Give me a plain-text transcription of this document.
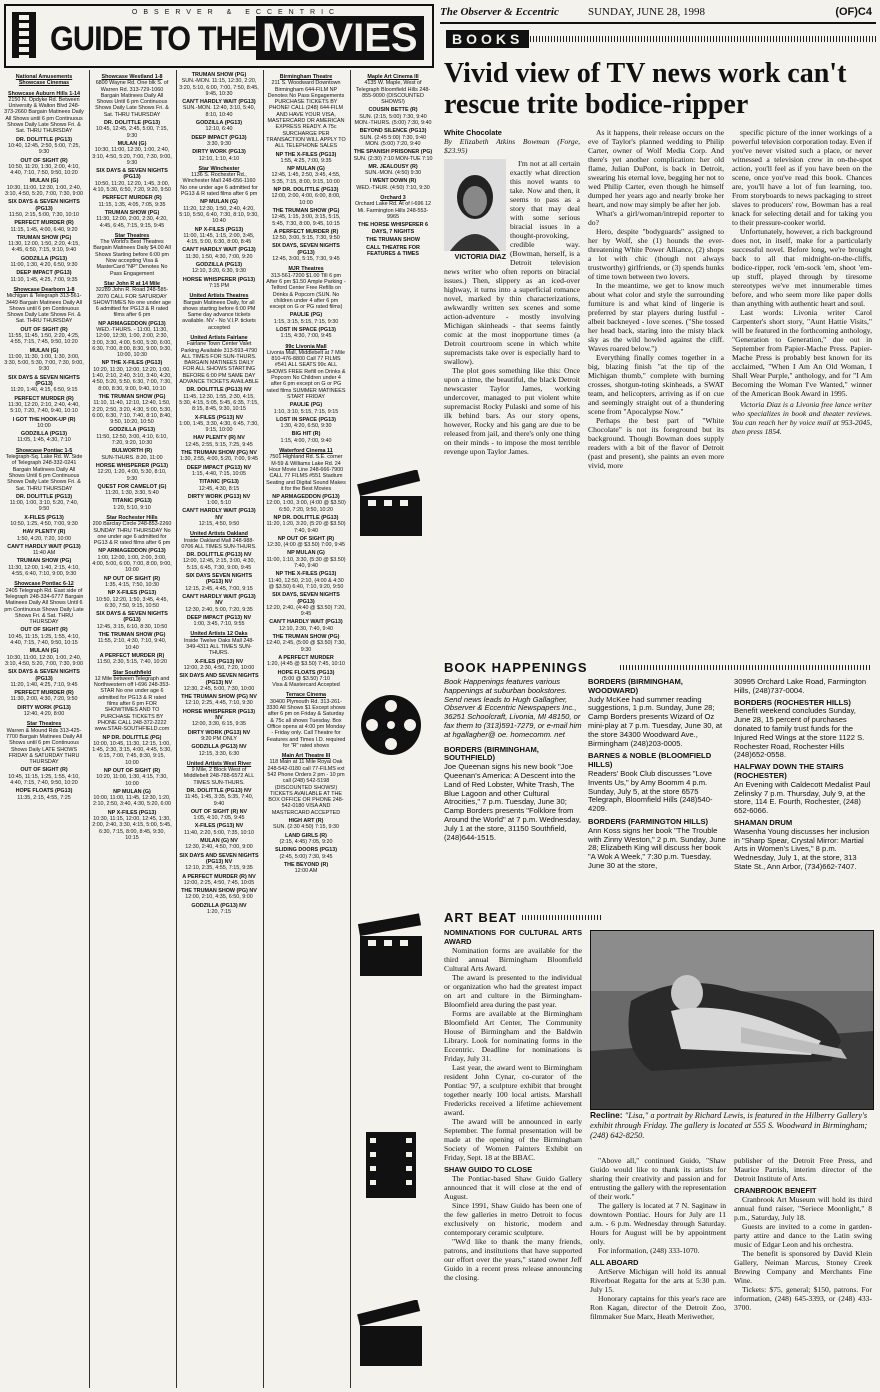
OBSERVER & ECCENTRIC
GUIDE TO THE MOVIES
National Amusements Showcase Cinemas
Showcase Auburn Hills 1-14
2150 N. Opdyke Rd. Between University & Walton Blvd 248-373-2660 Bargain Matinees Daily All Shows until 6 pm Continuous Shows Daily Late Shows Fri. & Sat. THRU THURSDAY
DR. DOLITTLE (PG13)
10:40, 12:45, 2:50, 5:00, 7:25, 9:30
OUT OF SIGHT (R)
10:50, 11:20, 1:30, 2:00, 4:10, 4:40, 7:10, 7:50, 9:50, 10:20
MULAN (G)
10:30, 11:00, 12:30, 1:00, 2:40, 3:10, 4:50, 5:20, 7:00, 7:30, 9:00
SIX DAYS & SEVEN NIGHTS (PG13)
11:50, 2:15, 5:00, 7:30, 10:10
PERFECT MURDER (R)
11:15, 1:45, 4:00, 6:40, 9:20
TRUMAN SHOW (PG)
11:30, 12:00, 1:50, 2:20, 4:15, 4:45, 6:50, 7:15, 9:10, 9:40
GODZILLA (PG13)
11:00, 1:30, 4:20, 6:50, 9:30
DEEP IMPACT (PG13)
11:10, 1:45, 4:25, 7:00, 9:35
Showcase Dearborn 1-8
Michigan & Telegraph 313-561-3449 Bargain Matinees Daily All Shows until 6 pm Continuous Shows Daily Late Shows Fri. & Sat. THRU THURSDAY
OUT OF SIGHT (R)
11:55, 11:45, 1:50, 2:20, 4:25, 4:55, 7:15, 7:45, 9:50, 10:20
MULAN (G)
11:00, 11:30, 1:00, 1:30, 3:00, 3:30, 5:00, 5:30, 7:00, 7:30, 9:00, 9:30
SIX DAYS & SEVEN NIGHTS (PG13)
11:20, 1:40, 4:15, 6:50, 9:15
PERFECT MURDER (R)
11:30, 12:20, 2:10, 2:40, 4:40, 5:10, 7:20, 7:40, 9:40, 10:10
I GOT THE HOOK-UP (R)
10:00
GODZILLA (PG13)
11:05, 1:45, 4:30, 7:10
Showcase Pontiac 1-5
Telegraph-Sq. Lake Rd. W. Side of Telegraph 248-332-0241 Bargain Matinees Daily All Shows Until 6 pm Continuous Shows Daily Late Shows Fri. & Sat. THRU THURSDAY
DR. DOLITTLE (PG13)
11:00, 1:00, 3:10, 5:20, 7:40, 9:50
X-FILES (PG13)
10:50, 1:25, 4:50, 7:00, 9:30
HAV PLENTY (R)
1:50, 4:20, 7:20, 10:00
CAN'T HARDLY WAIT (PG13)
11:40 AM
TRUMAN SHOW (PG)
11:30, 12:00, 1:40, 2:15, 4:10, 4:55, 6:40, 7:10, 9:00, 9:30
Showcase Pontiac 6-12
2405 Telegraph Rd. East side of Telegraph 248-334-6777 Bargain Matinees Daily All Shows Until 6 pm Continuous Shows Daily Late Shows Fri. & Sat. THRU THURSDAY
OUT OF SIGHT (R)
10:45, 11:15, 1:25, 1:55, 4:10, 4:40, 7:15, 7:40, 9:50, 10:15
MULAN (G)
10:30, 11:00, 12:30, 1:00, 2:40, 3:10, 4:50, 5:20, 7:00, 7:30, 9:00
SIX DAYS & SEVEN NIGHTS (PG13)
11:20, 1:40, 4:25, 7:10, 9:45
PERFECT MURDER (R)
11:30, 2:00, 4:30, 7:20, 9:50
DIRTY WORK (PG13)
12:40, 4:20, 8:00
Star Theatres
Warren & Mound Rds 313-425-7700 Bargain Matinees Daily All Shows until 6 pm Continuous Shows Daily LATE SHOWS FRIDAY & SATURDAY THRU THURSDAY
OUT OF SIGHT (R)
10:45, 11:15, 1:25, 1:55, 4:10, 4:40, 7:15, 7:40, 9:50, 10:20
HOPE FLOATS (PG13)
11:35, 2:15, 4:55, 7:25
Showcase Westland 1-8
6800 Wayne Rd. One blk S. of Warren Rd. 313-729-1060 Bargain Matinees Daily All Shows Until 6 pm Continuous Shows Daily Late Shows Fri. & Sat. THRU THURSDAY
DR. DOLITTLE (PG13)
10:45, 12:45, 2:45, 5:00, 7:15, 9:30
MULAN (G)
10:30, 11:00, 12:30, 1:00, 2:40, 3:10, 4:50, 5:20, 7:00, 7:30, 9:00, 9:30
SIX DAYS & SEVEN NIGHTS (PG13)
10:50, 11:20, 12:20, 1:45, 3:00, 4:10, 5:30, 6:50, 7:20, 9:20, 9:50
PERFECT MURDER (R)
11:15, 1:35, 4:05, 7:05, 9:35
TRUMAN SHOW (PG)
11:30, 12:00, 2:00, 2:30, 4:20, 4:45, 6:45, 7:15, 9:15, 9:45
Star Theatres
The World's Best Theatres Bargain Matinees Daily $4.00 All Shows Starting before 6:00 pm Now accepting Visa & MasterCard "NP" Denotes No Pass Engagement
Star John R at 14 Mile
32289 John R. Road 248-585-2070 CALL FOR SATURDAY SHOWTIMES No one under age 6 admitted for PG13 & R rated films after 6 pm
NP ARMAGEDDON (PG13)
WED.-THURS. - 11:00, 11:30, 12:00, 12:30, 1:00, 2:00, 2:30, 3:00, 3:30, 4:00, 5:00, 5:30, 6:00, 6:30, 7:00, 8:00, 8:30, 9:00, 9:30, 10:00, 10:30
NP THE X-FILES (PG13)
10:20, 11:30, 12:00, 12:20, 1:00, 1:40, 2:10, 2:40, 3:10, 3:40, 4:20, 4:50, 5:20, 5:50, 6:30, 7:00, 7:30, 8:00, 8:30, 9:00, 9:40, 10:10
THE TRUMAN SHOW (PG)
11:10, 11:40, 12:10, 12:40, 1:50, 2:20, 2:50, 3:20, 4:30, 5:00, 5:30, 6:00, 6:30, 7:10, 7:40, 8:10, 8:40, 9:50, 10:20, 10:50
GODZILLA (PG13)
11:50, 12:50, 3:00, 4:10, 6:10, 7:20, 9:20, 10:30
BULWORTH (R)
SUN-THURS. 8:20, 11:00
HORSE WHISPERER (PG13)
12:20, 1:20, 4:00, 5:30, 8:10, 9:30
QUEST FOR CAMELOT (G)
11:20, 1:30, 3:30, 5:40
TITANIC (PG13)
1:20, 5:10, 9:10
Star Rochester Hills
200 Barclay Circle 248-853-2260 SUNDAY THRU THURSDAY No one under age 6 admitted for PG13 & R rated films after 6 pm
NP ARMAGEDDON (PG13)
1:00, 12:00, 1:00, 2:00, 3:00, 4:00, 5:00, 6:00, 7:00, 8:00, 9:00, 10:00
NP OUT OF SIGHT (R)
1:35, 4:15, 7:50, 10:30
NP X-FILES (PG13)
10:50, 12:20, 1:50, 3:45, 4:45, 6:30, 7:50, 9:15, 10:50
SIX DAYS & SEVEN NIGHTS (PG13)
12:45, 3:15, 6:10, 8:30, 10:50
THE TRUMAN SHOW (PG)
11:55, 2:10, 4:30, 7:10, 9:40, 10:40
A PERFECT MURDER (R)
11:50, 2:30, 5:15, 7:40, 10:20
Star Southfield
12 Mile between Telegraph and Northwestern off I-696 248-353-STAR No one under age 6 admitted for PG13 & R rated films after 6 pm FOR SHOWTIMES AND TO PURCHASE TICKETS BY PHONE CALL 248-372-2222 www.STAR-SOUTHFIELD.com
NP DR. DOLITTLE (PG)
10:00, 10:45, 11:30, 12:15, 1:00, 1:45, 2:30, 3:15, 4:00, 4:45, 5:30, 6:15, 7:00, 7:45, 8:30, 9:15, 10:00
NP OUT OF SIGHT (R)
10:20, 11:00, 1:30, 4:15, 7:30, 10:00
NP MULAN (G)
10:00, 11:00, 11:45, 12:30, 1:20, 2:10, 2:50, 3:40, 4:30, 5:20, 6:00
NP X-FILES (PG13)
10:30, 11:15, 12:00, 12:45, 1:30, 2:00, 2:40, 3:30, 4:15, 5:00, 5:45, 6:30, 7:15, 8:00, 8:45, 9:30, 10:15
TRUMAN SHOW (PG)
SUN.-MON. 11:15, 12:30, 2:20, 3:20, 5:10, 6:00, 7:00, 7:50, 8:45, 9:45, 10:30
CAN'T HARDLY WAIT (PG13)
SUN.-MON. 12:40, 3:10, 5:40, 8:10, 10:40
GODZILLA (PG13)
12:10, 6:40
DEEP IMPACT (PG13)
3:30, 9:30
DIRTY WORK (PG13)
12:10, 1:10, 4:10
Star Winchester
1136 S. Rochester Rd., Winchester Mall 248-656-1160 No one under age 6 admitted for PG13 & R rated films after 6 pm
NP MULAN (G)
11:20, 12:30, 1:50, 2:40, 4:20, 5:10, 5:50, 6:40, 7:30, 8:10, 9:30, 10:40
NP X-FILES (PG13)
11:00, 11:45, 1:15, 2:00, 3:45, 4:15, 5:00, 6:30, 8:00, 8:45
CAN'T HARDLY WAIT (PG13)
11:30, 1:50, 4:30, 7:00, 9:20
GODZILLA (PG13)
12:10, 3:20, 6:30, 9:30
HORSE WHISPERER (PG13)
7:15 PM
United Artists Theatres
Bargain Matinees Daily, for all shows starting before 6:00 PM Same day advance tickets available. NV - No V.I.P. tickets accepted
United Artists Fairlane
Fairlane Town Center Valet Parking Available 313-593-4790
ALL TIMES FOR SUN-THURS. BARGAIN MATINEES DAILY FOR ALL SHOWS STARTING BEFORE 6:00 PM SAME DAY ADVANCE TICKETS AVAILABLE
DR. DOLITTLE (PG13) NV
11:45, 12:30, 1:55, 2:30, 4:15, 5:30, 4:15, 5:05, 5:45, 6:35, 7:15, 8:15, 8:45, 9:30, 10:15
X-FILES (PG13) NV
1:00, 1:45, 3:30, 4:30, 6:45, 7:30, 9:15, 10:00
HAV PLENTY (R) NV
12:45, 2:55, 5:15, 7:25, 9:45
THE TRUMAN SHOW (PG) NV
1:30, 2:55, 4:00, 5:20, 7:00, 9:45
DEEP IMPACT (PG13) NV
1:15, 4:40, 7:15, 10:05
TITANIC (PG13)
12:45, 4:30, 8:15
DIRTY WORK (PG13) NV
1:00, 5:10
CAN'T HARDLY WAIT (PG13) NV
12:15, 4:50, 9:50
United Artists Oakland
Inside Oakland Mall 248-988-0706 ALL TIMES SUN-THURS.
DR. DOLITTLE (PG13) NV
12:00, 12:45, 2:15, 3:00, 4:30, 5:15, 6:45, 7:30, 9:00, 9:45
SIX DAYS SEVEN NIGHTS (PG13) NV
12:15, 2:45, 4:45, 7:00, 9:15
CAN'T HARDLY WAIT (PG13) NV
12:30, 2:40, 5:00, 7:20, 9:35
DEEP IMPACT (PG13) NV
1:00, 3:45, 7:10, 9:55
United Artists 12 Oaks
Inside Twelve Oaks Mall 248-349-4311 ALL TIMES SUN-THURS.
X-FILES (PG13) NV
12:00, 2:30, 4:50, 7:20, 10:00
SIX DAYS AND SEVEN NIGHTS (PG13) NV
12:30, 2:45, 5:00, 7:30, 10:00
THE TRUMAN SHOW (PG) NV
12:10, 2:25, 4:45, 7:10, 9:30
HORSE WHISPERER (PG13) NV
12:00, 3:30, 6:15, 9:35
DIRTY WORK (PG13) NV
9:20 PM ONLY
GODZILLA (PG13) NV
12:15, 3:30, 6:30
United Artists West River
9 Mile, 2 Block West of Middlebelt 248-788-6572 ALL TIMES SUN-THURS.
DR. DOLITTLE (PG13) NV
11:45, 1:45, 3:35, 5:35, 7:40, 9:40
OUT OF SIGHT (R) NV
1:05, 4:10, 7:05, 9:45
X-FILES (PG13) NV
11:40, 2:20, 5:00, 7:35, 10:10
MULAN (G) NV
12:30, 2:40, 4:50, 7:00, 9:00
SIX DAYS AND SEVEN NIGHTS (PG13) NV
12:10, 2:35, 4:55, 7:15, 9:35
A PERFECT MURDER (R) NV
12:00, 2:25, 4:50, 7:45, 10:05
THE TRUMAN SHOW (PG) NV
12:00, 2:10, 4:35, 6:50, 9:00
GODZILLA (PG13) NV
1:20, 7:15
Birmingham Theatre
211 S. Woodward Downtown Birmingham 644-FILM NP Denotes No Pass Engagements PURCHASE TICKETS BY PHONE! CALL (248) 644-FILM AND HAVE YOUR VISA, MASTERCARD OR AMERICAN EXPRESS READY. A 75c SURCHARGE PER TRANSACTION WILL APPLY TO ALL TELEPHONE SALES
NP THE X-FILES (PG13)
1:55, 4:25, 7:00, 9:35
NP MULAN (G)
12:45, 1:45, 2:50, 3:45, 4:55, 5:35, 7:15, 8:00, 9:15, 10:00
NP DR. DOLITTLE (PG13)
12:00, 2:00, 4:00, 6:00, 8:00, 10:00
THE TRUMAN SHOW (PG)
12:45, 1:15, 3:00, 3:15, 5:15, 5:45, 7:30, 8:00, 9:45, 10:15
A PERFECT MURDER (R)
12:50, 3:00, 5:15, 7:30, 9:50
SIX DAYS, SEVEN NIGHTS (PG13)
12:45, 3:00, 5:15, 7:30, 9:45
MJR Theatres
313-561-7200 $1.00 Till 6 pm After 6 pm $1.50 Ample Parking - Telford Center Free Refills on Drinks & Popcorn (SUN. No children under 4 after 6 pm except on G or PG rated films)
PAULIE (PG)
1:15, 3:15, 5:15, 7:15, 9:30
LOST IN SPACE (PG13)
1:15, 4:30, 7:00, 9:45
99c Livonia Mall
Livonia Mall, Middlebelt at 7 Mile 810-476-8800 Call 77 FILMS #541 ALL SEATS 99c ALL SHOWS FREE Refill on Drinks & Popcorn No Children under 4 after 6 pm except on G or PG rated films SUMMER MATINEES START FRIDAY
PAULIE (PG)
1:10, 3:10, 5:15, 7:15, 9:15
LOST IN SPACE (PG13)
1:30, 4:20, 6:50, 9:30
BIG HIT (R)
1:15, 4:00, 7:00, 9:40
Waterford Cinema 11
7501 Highland Rd. S.E. corner M-59 & Williams Lake Rd. 24 Hour Movie Line 248-666-7900 CALL 77 FILMS #551 Stadium Seating and Digital Sound Makes it for the Best Movies
NP ARMAGEDDON (PG13)
12:00, 1:00, 3:00, (4:00 @ $3.50) 6:50, 7:20, 9:50, 10:20
NP DR. DOLITTLE (PG13)
11:20, 1:20, 3:20, (5:20 @ $3.50) 7:40, 9:40
NP OUT OF SIGHT (R)
12:30, (4:00 @ $3.50) 7:00, 9:45
NP MULAN (G)
11:00, 1:10, 3:30, (5:30 @ $3.50) 7:40, 9:40
NP THE X-FILES (PG13)
11:40, 12:50, 2:10, (4:00 & 4:30 @ $3.50) 6:40, 7:10, 9:20, 9:50
SIX DAYS, SEVEN NIGHTS (PG13)
12:20, 2:40, (4:40 @ $3.50) 7:20, 9:45
CAN'T HARDLY WAIT (PG13)
12:10, 2:30, 7:40, 9:40
THE TRUMAN SHOW (PG)
12:40, 2:45, (5:00 @ $3.50) 7:30, 9:30
A PERFECT MURDER
1:20, (4:45 @ $3.50) 7:45, 10:10
HOPE FLOATS (PG13)
(5:00 @ $3.50) 7:10
Visa & Mastercard Accepted
Terrace Cinema
30400 Plymouth Rd. 313-261-3330 All Shows $1 Except shows after 6 pm on Friday & Saturday & 75c all shows Tuesday. Box Office opens at 4:00 pm Monday - Friday only. Call Theatre for Features and Times I.D. required for "R" rated shows
Main Art Theatre III
118 Main at 11 Mile Royal Oak 248-542-0180 call 77-FILMS ext 542 Phone Orders 2 pm - 10 pm call (248) 542-5198 (DISCOUNTED SHOWS!) TICKETS AVAILABLE AT THE BOX OFFICE OR PHONE 248-542-0180 VISA AND MASTERCARD ACCEPTED
HIGH ART (R)
SUN. (2:30 4:50) 7:15, 9:30
LAND GIRLS (R)
(2:15, 4:45) 7:05, 9:20
SLIDING DOORS (PG13)
(2:45, 5:00) 7:30, 9:45
THE BEYOND (R)
12:00 AM
Maple Art Cinema III
4135 W. Maple, West of Telegraph Bloomfield Hills 248-855-9090 (DISCOUNTED SHOWS!)
COUSIN BETTE (R)
SUN. (2:15, 5:00) 7:30, 9:40 MON.-THURS. (5:00) 7:30, 9:40
BEYOND SILENCE (PG13)
SUN. (2:45 5:00) 7:30, 9:40 MON. (5:00) 7:20, 9:40
THE SPANISH PRISONER (PG)
SUN. (2:30) 7:10 MON-TUE 7:10
MR. JEALOUSY (R)
SUN.-MON. (4:50) 9:30
I WENT DOWN (R)
WED.-THUR. (4:50) 7:10, 9:30
Orchard 3
Orchard Lake Rd. At of I-696 12 Mi. Farmington Hills 248-553-9965
THE HORSE WHISPERER 6 DAYS, 7 NIGHTS
THE TRUMAN SHOW
CALL THEATRE FOR FEATURES & TIMES
The Observer & Eccentric	SUNDAY, JUNE 28, 1998	(OF)C4
BOOKS
Vivid view of TV news work can't rescue trite bodice-ripper
White Chocolate
By Elizabeth Atkins Bowman (Forge, $23.95)
VICTORIA DIAZ

I'm not at all certain exactly what direction this novel wants to take. Now and then, it seems to pass as a story that may deal with some serious biracial issues in a thought-provoking, credible way. (Bowman, herself, is a Detroit television news writer who often reports on biracial issues.) Then, slippery as an iced-over highway, it turns into a superficial romance novel, marked by thin characterizations, awkwardly written sex scenes and some action-adventure - mostly involving Michigan skinheads - that seems faintly comic at the most inopportune times (a Detroit courtroom scene in which white supremacists take over is especially hard to swallow).

The plot goes something like this: Once upon a time, the beautiful, the black Detroit newscaster Taylor James, working undercover, managed to put violent white supremacist Rocky Pulaski and some of his ilk behind bars. As our story opens, however, Rocky and his gang are due to be released from jail, and there's only one thing on their minds - to impose the most terrible revenge upon Taylor James.

As it happens, their release occurs on the eve of Taylor's planned wedding to Philip Carter, owner of Wolf Media Corp. And there's yet another complication: her old flame, Julian DuPont, is back in Detroit, swearing his eternal love, begging her not to wed Philip Carter, even though he himself dumped her years ago and nearly broke her heart, and now may simply be after her job.

What's a girl/woman/intrepid reporter to do?

Hero, despite "bodyguards" assigned to her by Wolf, she (1) hounds the ever-threatening White Power Alliance, (2) shops a lot with chic (though not always trustworthy) girlfriends, or (3) spends hunks of time town between two lovers.

In the meantime, we get to know much about what color and style the surrounding furniture is and what kind of lingerie is preferred by star players during lustful - albeit backneyed - love scenes. ("She tossed her head back, staring into the misty black sky as the wild howled against the cliff. Waves roared below.")

Everything finally comes together in a big, blazing finish "at the tip of the Michigan thumb," complete with burning crosses, shotgun-toting skinheads, a SWAT team, and helicopters, arriving as if on cue and seemingly straight out of a thundering scene from "Apocalypse Now."

Perhaps the best part of "White Chocolate" is not its foreground but its background. Though Bowman does supply readers with a bit of the flavor of Detroit (past and present), she paints an even more vivid, more

specific picture of the inner workings of a powerful television corporation today. Even if you've never visited such a place, or never witnessed a television crew in on-the-spot action, you'll feel as if you have been on the scene, once you've read this book. Chances are, you'll have a lot of fun learning, too. From storyboards to news packaging to street slaves to producers' row, Bowman has a real knack for selecting detail and for taking you to their pressure-cooker world.

Unfortunately, however, a rich background does not, in itself, make for a particularly successful novel. Before long, we're brought back to all that midnight-on-the-cliffs, bodice-ripper, rock 'em-sock 'em, shoot 'em-up stuff, played through by tiresome stereotypes we've met innumerable times before, and who seem more like paper dolls than anything with authentic heart and soul.

Last words: Livonia writer Carol Carpenter's short story, "Aunt Hattie Visits," will be featured in the forthcoming anthology, "Generation to Generation," due out in September from Papier-Mache Press. Papier-Mache Press is probably best known for its acclaimed, "When I Am An Old Woman, I Shall Wear Purple," anthology, and for "I Am Becoming the Woman I've Wanted," winner of the American Book Award in 1995.

Victoria Diaz is a Livonia free lance writer who specializes in book and theater reviews. You can reach her by voice mail at 953-2045, then press 1854.

BOOK HAPPENINGS
Book Happenings features various happenings at suburban bookstores. Send news leads to Hugh Gallagher, Observer & Eccentric Newspapers Inc., 36251 Schoolcraft, Livonia, MI 48150, or fax them to (313)591-7279, or e-mail him at hgallagher@ oe. homecomm. net
BORDERS (BIRMINGHAM, SOUTHFIELD)
Joe Queenan signs his new book "Joe Queenan's America: A Descent into the Land of Red Lobster, White Trash, The Blue Lagoon and other Cultural Atrocities," 7 p.m. Tuesday, June 30; Camp Borders presents "Folklore from Around the World" at 7 p.m. Wednesday, July 1 at the store, 31150 Southfield, (248)644-1515.
BORDERS (BIRMINGHAM, WOODWARD)
Judy McKee had summer reading suggestions, 1 p.m. Sunday, June 28; Camp Borders presents Wizard of Oz mini-play at 7 p.m. Tuesday, June 30, at the store 34300 Woodward Ave., Birmingham (248)203-0005.
BARNES & NOBLE (BLOOMFIELD HILLS)
Readers' Book Club discusses "Love Invents Us," by Amy Boomm 4 p.m. Sunday, July 5, at the store 6575 Telegraph, Bloomfield Hills (248)540-4209.
BORDERS (FARMINGTON HILLS)
Ann Koss signs her book "The Trouble with Zinny Weston," 2 p.m. Sunday, June 28; Elizabeth King will discuss her book "A Wok A Week," 7:30 p.m. Tuesday, June 30 at the store,
30995 Orchard Lake Road, Farmington Hills, (248)737-0004.
BORDERS (ROCHESTER HILLS)
Benefit weekend concludes Sunday, June 28, 15 percent of purchases donated to family trust funds for the Injured Red Wings at the store 1122 S. Rochester Road, Rochester Hills (248)652-0558.
HALFWAY DOWN THE STAIRS (ROCHESTER)
An Evening with Caldecott Medalist Paul Zelinsky 7 p.m. Thursday, July 9, at the store, 114 E. Fourth, Rochester, (248) 652-6066.
SHAMAN DRUM
Wasenha Young discusses her inclusion in "Sharp Spear, Crystal Mirror: Martial Arts in Women's Lives," 8 p.m. Wednesday, July 1, at the store, 313 State St., Ann Arbor, (734)662-7407.
ART BEAT
NOMINATIONS FOR CULTURAL ARTS AWARD

Nomination forms are available for the third annual Birmingham Bloomfield Cultural Arts Award.

The award is presented to the individual or organization who had the greatest impact on art and culture in the Birmingham-Bloomfield area during the past year.

Forms are available at the Birmingham Bloomfield Art Center, The Community House of Birmingham and the Baldwin Library. Look for nominating forms in the Eccentric. Deadline for nominations is Friday, July 31.

Last year, the award went to Birmingham resident John Cynar, co-curator of the Pontiac '97, a sculpture exhibit that brought together nearly 100 local artists. Marshall Fredericks received a lifetime achievement award.

The award will be announced in early September. The formal presentation will be made at the opening of the Birmingham Society of Women Painters Exhibit on Friday, Sept. 18 at the BBAC.

SHAW GUIDO TO CLOSE

The Pontiac-based Shaw Guido Gallery announced that it will close at the end of August.

Since 1991, Shaw Guido has been one of the few galleries in metro Detroit to focus exclusively on historic, modern and contemporary ceramic sculpture.

"We'd like to thank the many friends, patrons, and institutions that have supported our effort over the years," stated owner Jeff Guido in a recent press release announcing the closing.

Recline: "Lisa," a portrait by Richard Lewis, is featured in the Hilberry Gallery's exhibit through Friday. The gallery is located at 555 S. Woodward in Birmingham; (248) 642-8250.

"Above all," continued Guido, "Shaw Guido would like to thank its artists for sharing their creativity and passion and for entrusting the gallery with the representation of their work."

The gallery is located at 7 N. Saginaw in downtown Pontiac. Hours for July are 11 a.m. - 6 p.m. Wednesday through Saturday. Hours for August will be by appointment only.

For information, (248) 333-1070.

ALL ABOARD

ArtServe Michigan will hold its annual Riverboat Regatta for the arts at 5:30 p.m. July 15.

Honorary captains for this year's race are Ron Kagan, director of the Detroit Zoo, filmmaker Sue Marx, Heath Meriwether,

publisher of the Detroit Free Press, and Maurice Parrish, interim director of the Detroit Institute of Arts.

CRANBROOK BENEFIT

Cranbrook Art Museum will hold its third annual fund raiser, "Seriece Moonlight," 8 p.m., Saturday, July 18.

Guests are invited to a come in garden-party attire and dance to the Latin swing music of Edgar Leon and his orchestra.

The benefit is sponsored by David Klein Gallery, Neiman Marcus, Stoney Creek Brewing Company and Merchants Fine Wine.

Tickets: $75, general; $150, patrons. For information, (248) 645-3393, or (248) 433-3700.
